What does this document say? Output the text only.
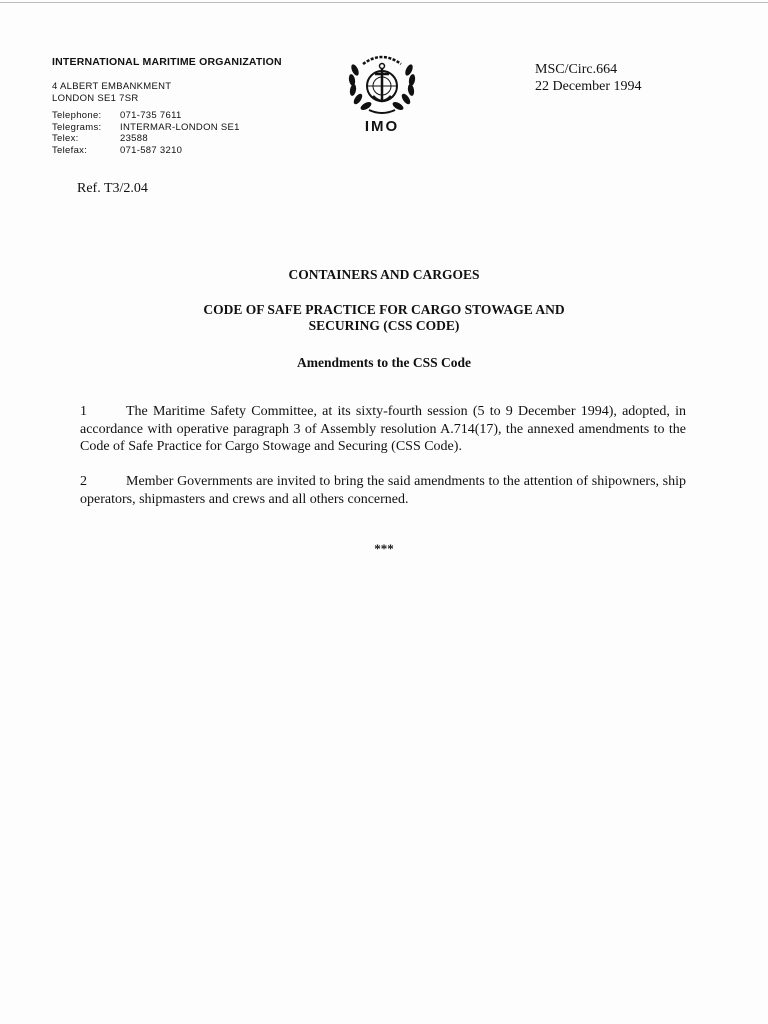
INTERNATIONAL MARITIME ORGANIZATION
4 ALBERT EMBANKMENT
LONDON SE1 7SR
Telephone:	071-735 7611
Telegrams:	INTERMAR-LONDON SE1
Telex:	23588
Telefax:	071-587 3210
IMO
MSC/Circ.664
22 December 1994
Ref. T3/2.04
CONTAINERS AND CARGOES
CODE OF SAFE PRACTICE FOR CARGO STOWAGE AND
SECURING (CSS CODE)
Amendments to the CSS Code
1	The Maritime Safety Committee, at its sixty-fourth session (5 to 9 December 1994), adopted, in accordance with operative paragraph 3 of Assembly resolution A.714(17), the annexed amendments to the Code of Safe Practice for Cargo Stowage and Securing (CSS Code).
2	Member Governments are invited to bring the said amendments to the attention of shipowners, ship operators, shipmasters and crews and all others concerned.
***
